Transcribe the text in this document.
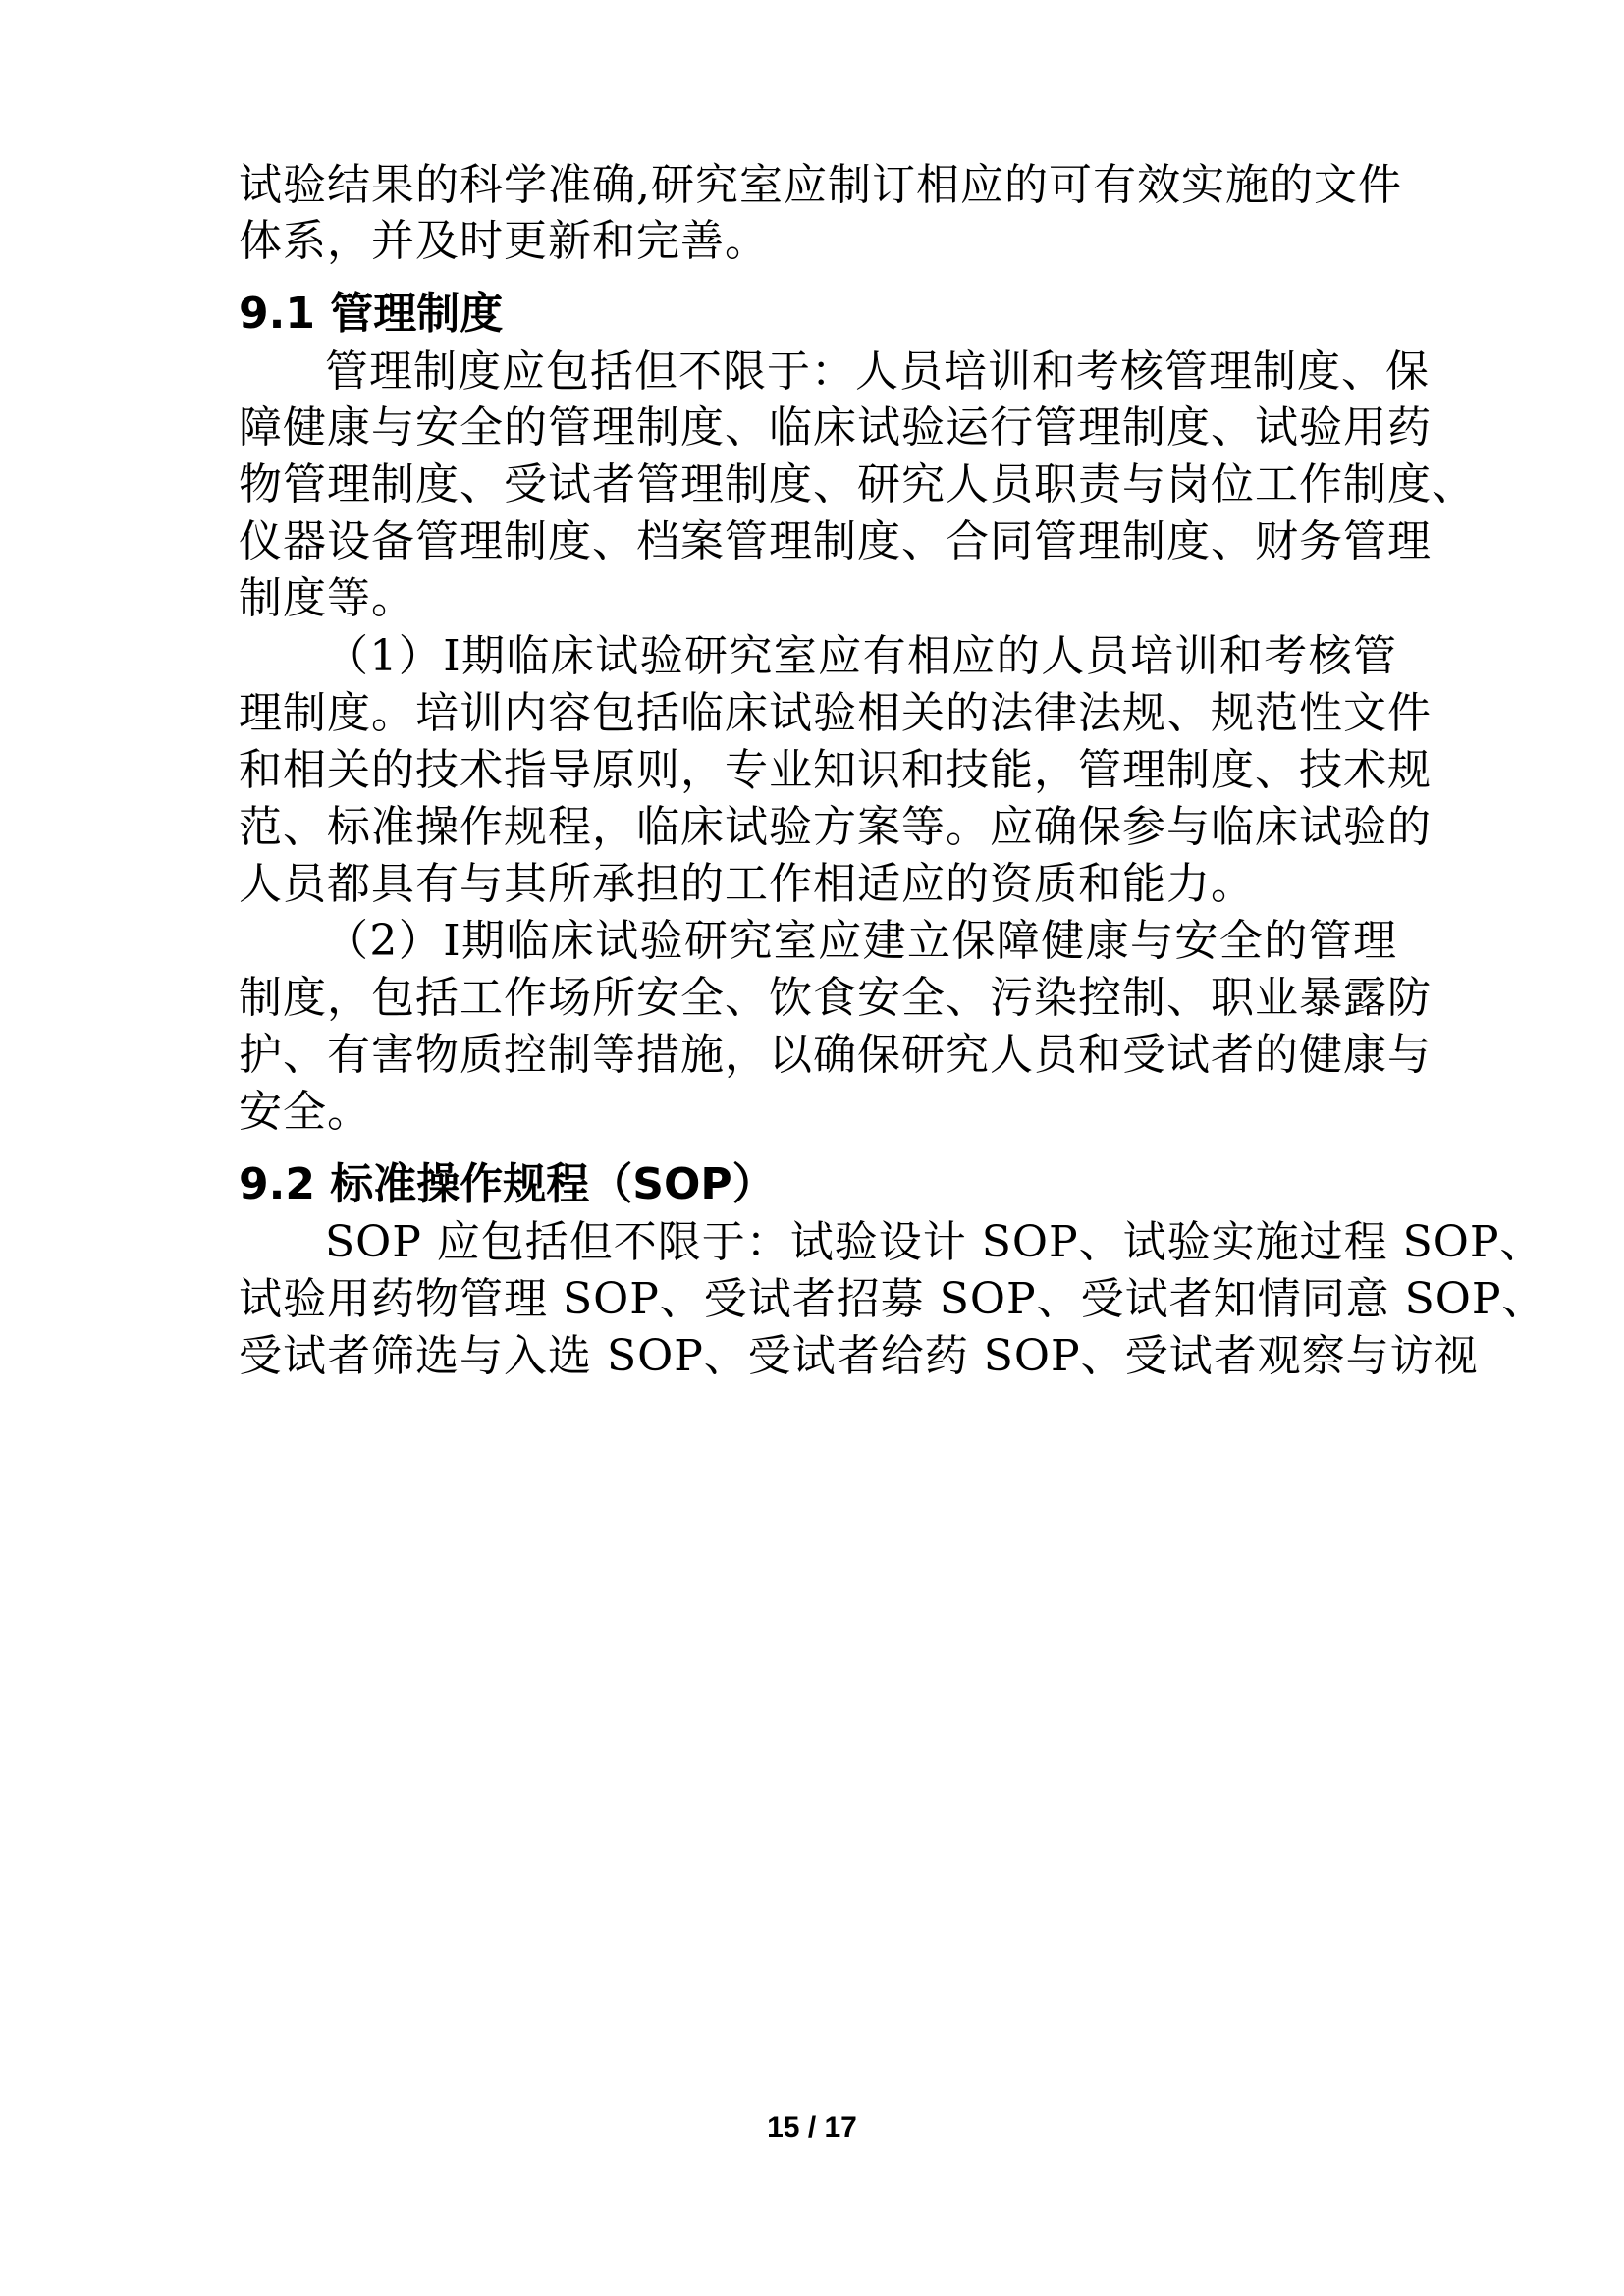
试验结果的科学准确,研究室应制订相应的可有效实施的文件
体系，并及时更新和完善。
9.1 管理制度
管理制度应包括但不限于：人员培训和考核管理制度、保
障健康与安全的管理制度、临床试验运行管理制度、试验用药
物管理制度、受试者管理制度、研究人员职责与岗位工作制度、
仪器设备管理制度、档案管理制度、合同管理制度、财务管理
制度等。
（1）Ⅰ期临床试验研究室应有相应的人员培训和考核管
理制度。培训内容包括临床试验相关的法律法规、规范性文件
和相关的技术指导原则，专业知识和技能，管理制度、技术规
范、标准操作规程，临床试验方案等。应确保参与临床试验的
人员都具有与其所承担的工作相适应的资质和能力。
（2）Ⅰ期临床试验研究室应建立保障健康与安全的管理
制度，包括工作场所安全、饮食安全、污染控制、职业暴露防
护、有害物质控制等措施，以确保研究人员和受试者的健康与
安全。
9.2 标准操作规程（SOP）
SOP 应包括但不限于：试验设计 SOP、试验实施过程 SOP、
试验用药物管理 SOP、受试者招募 SOP、受试者知情同意 SOP、
受试者筛选与入选 SOP、受试者给药 SOP、受试者观察与访视
15 / 17
